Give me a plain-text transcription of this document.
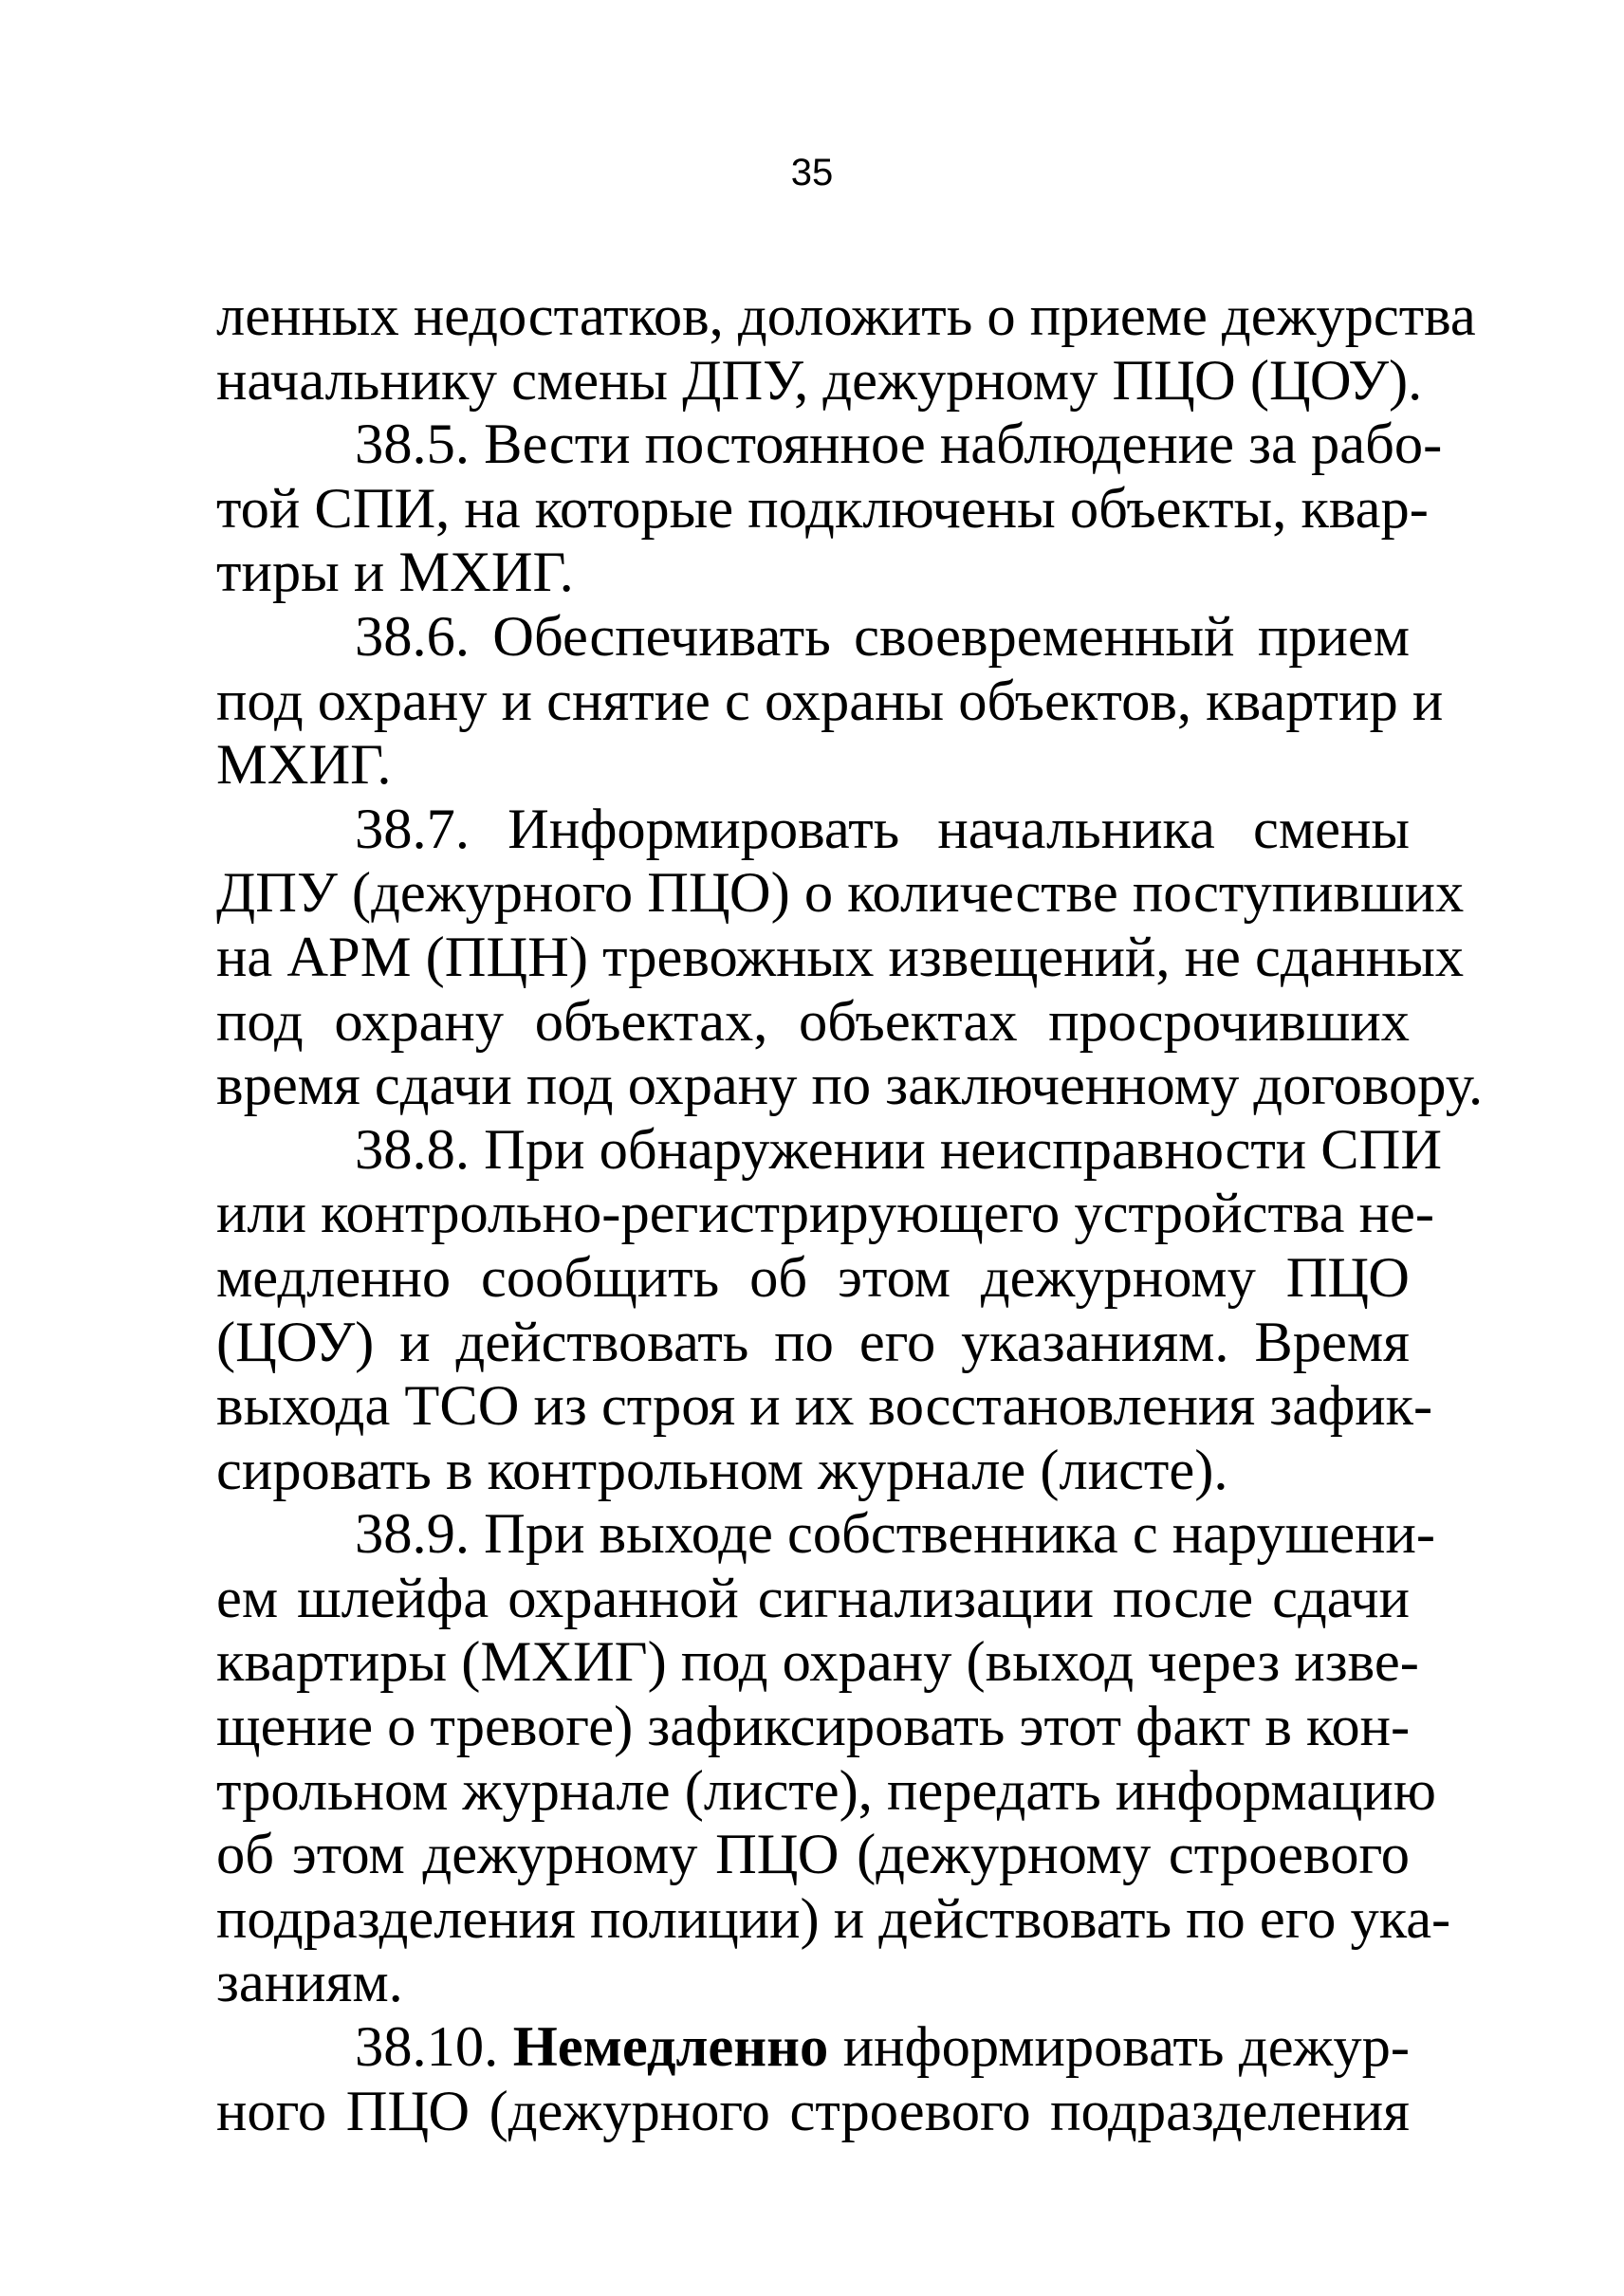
35
ленных недостатков, доложить о приеме дежурства
начальнику смены ДПУ, дежурному ПЦО (ЦОУ).
38.5. Вести постоянное наблюдение за рабо-
той СПИ, на которые подключены объекты, квар-
тиры и МХИГ.
38.6. Обеспечивать своевременный прием
под охрану и снятие с охраны объектов, квартир и
МХИГ.
38.7. Информировать начальника смены
ДПУ (дежурного ПЦО) о количестве поступивших
на АРМ (ПЦН) тревожных извещений, не сданных
под охрану объектах, объектах просрочивших
время сдачи под охрану по заключенному договору.
38.8. При обнаружении неисправности СПИ
или контрольно-регистрирующего устройства не-
медленно сообщить об этом дежурному ПЦО
(ЦОУ) и действовать по его указаниям. Время
выхода ТСО из строя и их восстановления зафик-
сировать в контрольном журнале (листе).
38.9. При выходе собственника с нарушени-
ем шлейфа охранной сигнализации после сдачи
квартиры (МХИГ) под охрану (выход через изве-
щение о тревоге) зафиксировать этот факт в кон-
трольном журнале (листе), передать информацию
об этом дежурному ПЦО (дежурному строевого
подразделения полиции) и действовать по его ука-
заниям.
38.10. Немедленно информировать дежур-
ного ПЦО (дежурного строевого подразделения
